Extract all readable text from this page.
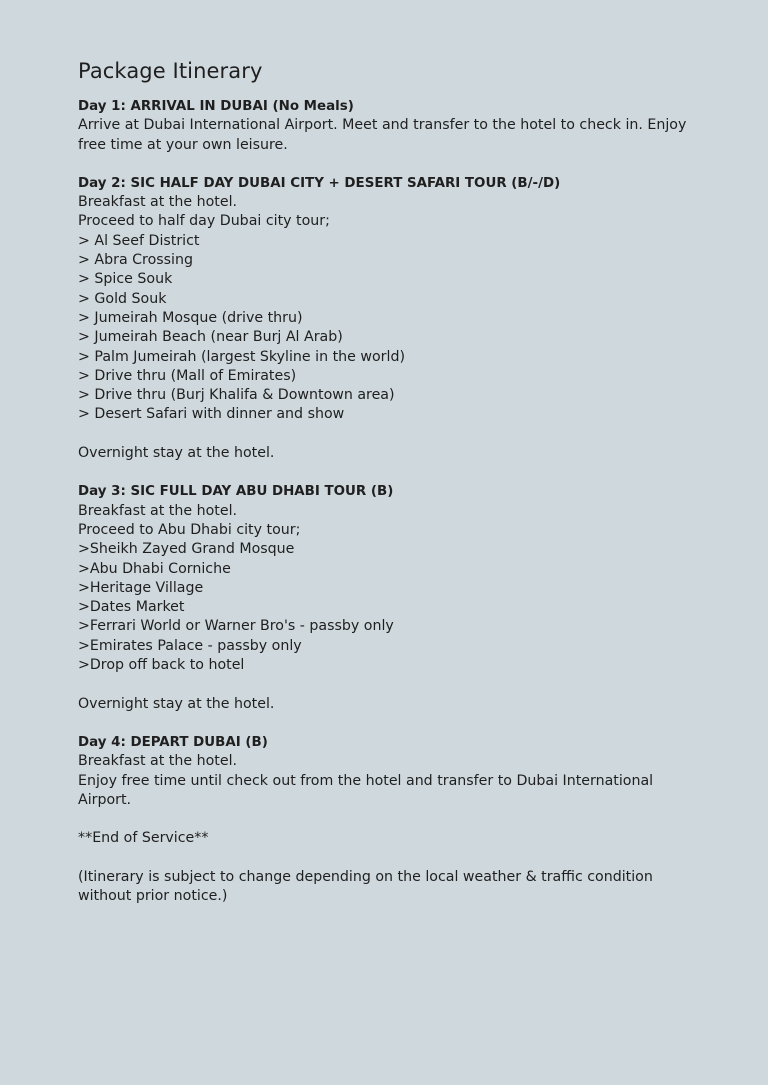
Package Itinerary

Day 1: ARRIVAL IN DUBAI (No Meals)

Arrive at Dubai International Airport. Meet and transfer to the hotel to check in. Enjoy free time at your own leisure.

Day 2: SIC HALF DAY DUBAI CITY + DESERT SAFARI TOUR (B/-/D)

Breakfast at the hotel.

Proceed to half day Dubai city tour;

> Al Seef District

> Abra Crossing

> Spice Souk

> Gold Souk

> Jumeirah Mosque (drive thru)

> Jumeirah Beach (near Burj Al Arab)

> Palm Jumeirah (largest Skyline in the world)

> Drive thru (Mall of Emirates)

> Drive thru (Burj Khalifa & Downtown area)

> Desert Safari with dinner and show

Overnight stay at the hotel.

Day 3: SIC FULL DAY ABU DHABI TOUR (B)

Breakfast at the hotel.

Proceed to Abu Dhabi city tour;

>Sheikh Zayed Grand Mosque

>Abu Dhabi Corniche

>Heritage Village

>Dates Market

>Ferrari World or Warner Bro's - passby only

>Emirates Palace - passby only

>Drop off back to hotel

Overnight stay at the hotel.

Day 4: DEPART DUBAI (B)

Breakfast at the hotel.

Enjoy free time until check out from the hotel and transfer to Dubai International Airport.

**End of Service**

(Itinerary is subject to change depending on the local weather & traffic condition without prior notice.)
